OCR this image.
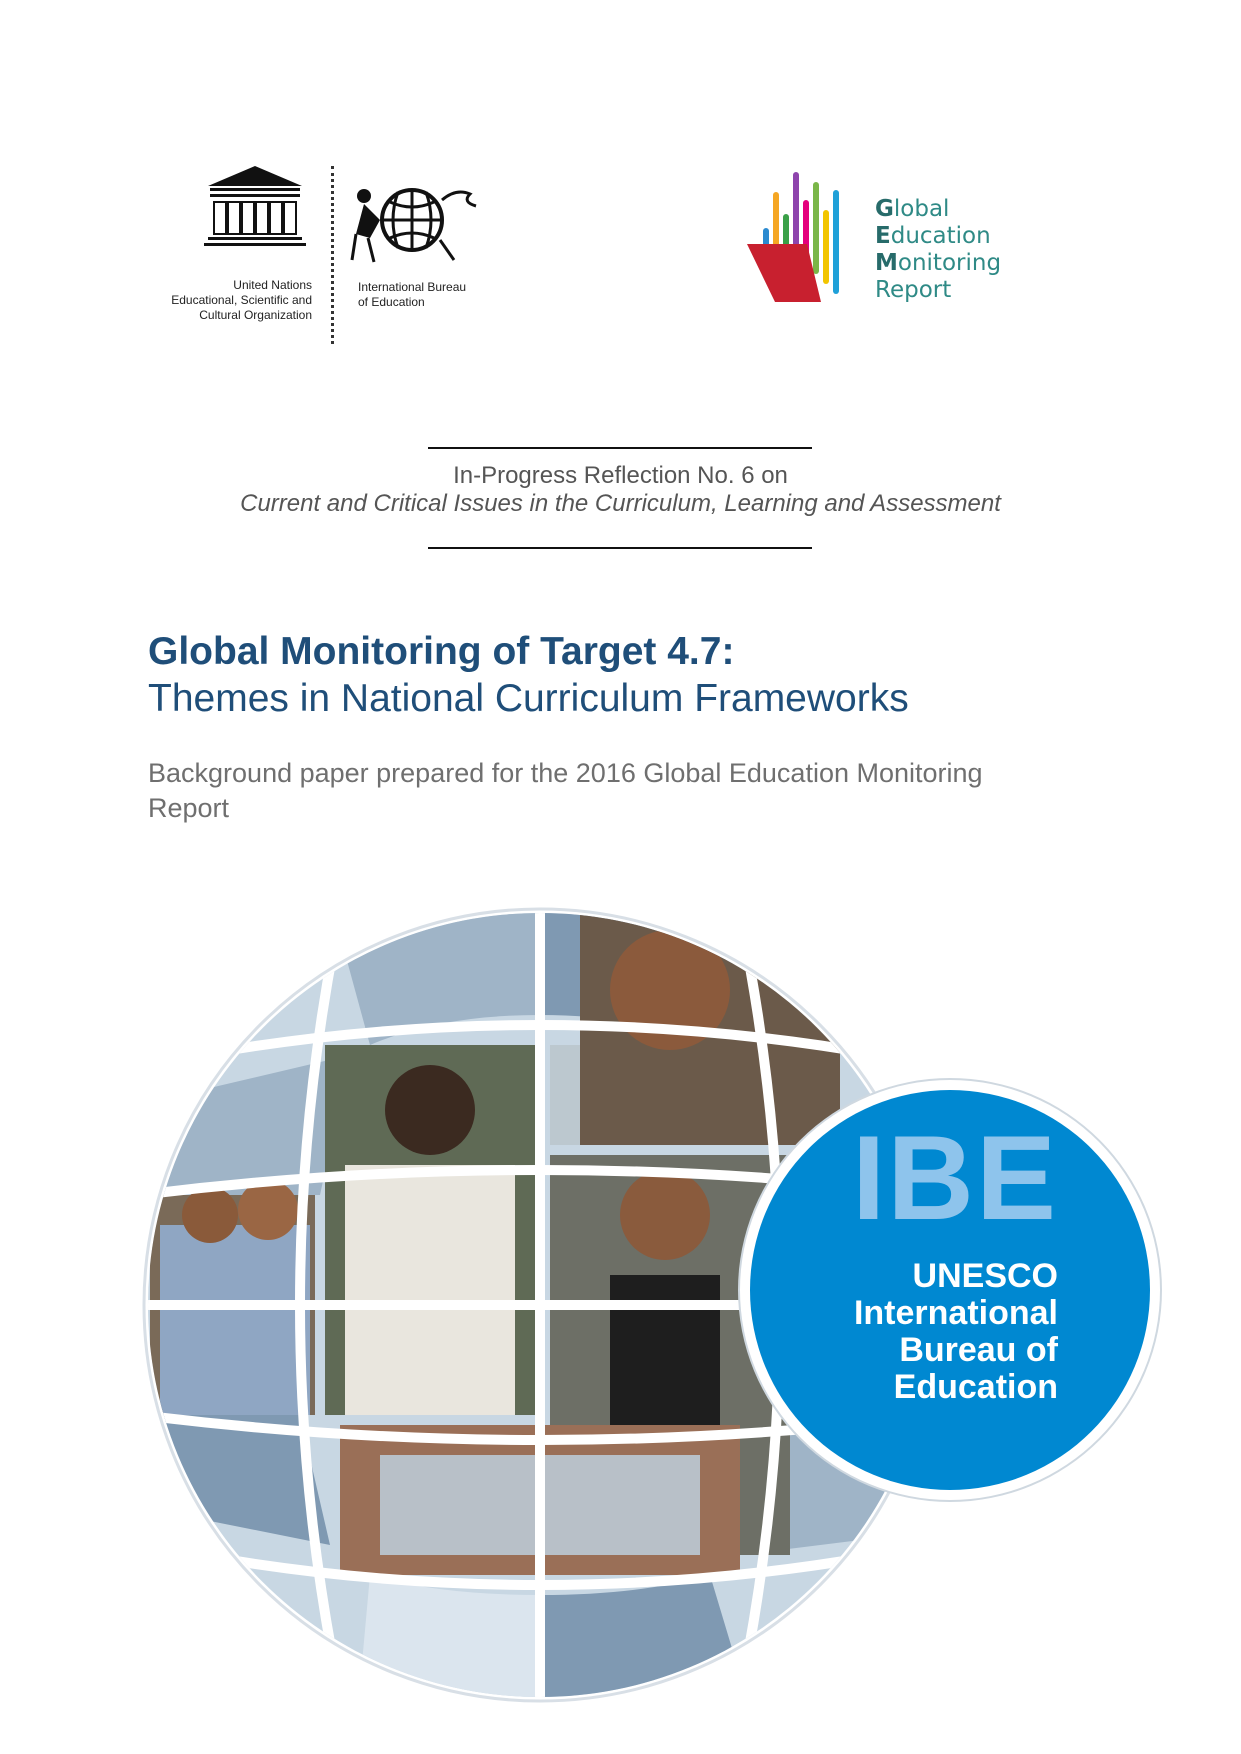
United Nations
Educational, Scientific and
Cultural Organization
International Bureau
of Education
Global
Education
Monitoring
Report
In-Progress Reflection No. 6 on
Current and Critical Issues in the Curriculum, Learning and Assessment
Global Monitoring of Target 4.7:
Themes in National Curriculum Frameworks
Background paper prepared for the 2016 Global Education Monitoring Report
IBE
UNESCO
International
Bureau of
Education
